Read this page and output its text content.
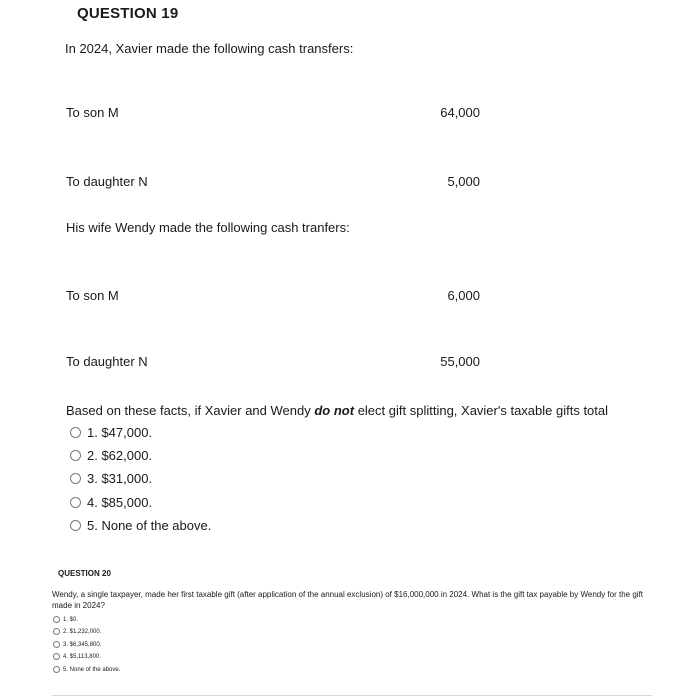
QUESTION 19
In 2024, Xavier made the following cash transfers:
To son M	64,000
To daughter N	5,000
His wife Wendy made the following cash tranfers:
To son M	6,000
To daughter N	55,000
Based on these facts, if Xavier and Wendy do not elect gift splitting, Xavier's taxable gifts total
1. $47,000.
2. $62,000.
3. $31,000.
4. $85,000.
5. None of the above.
QUESTION 20
Wendy, a single taxpayer, made her first taxable gift (after application of the annual exclusion) of $16,000,000 in 2024. What is the gift tax payable by Wendy for the gift made in 2024?
1. $0.
2. $1,232,000.
3. $6,345,800.
4. $5,113,800.
5. None of the above.
